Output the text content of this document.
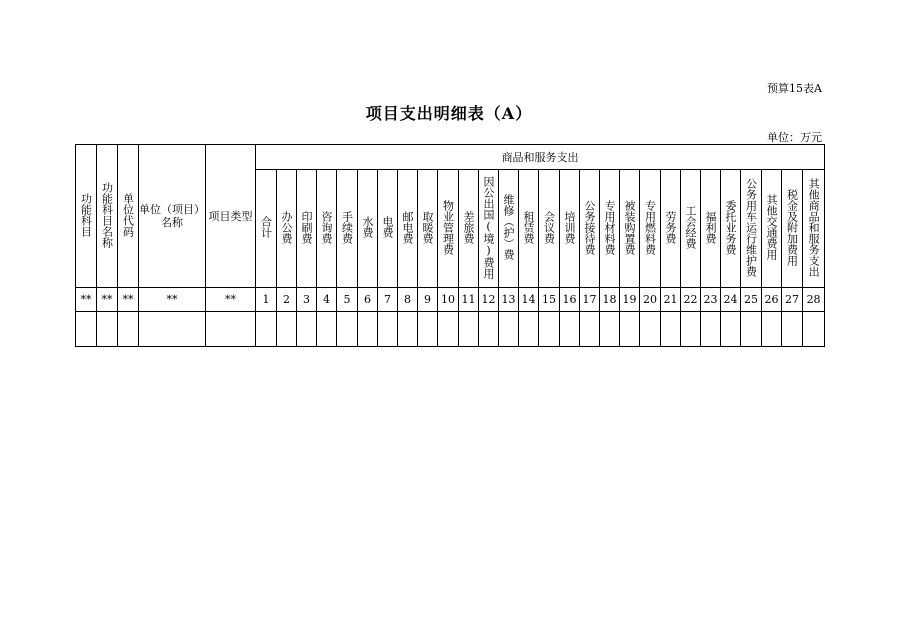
预算15表A
项目支出明细表（A）
单位：万元
功能科目	功能科目名称	单位代码	单位（项目）名称	项目类型	商品和服务支出																											

					合计	办公费	印刷费	咨询费	手续费	水费	电费	邮电费	取暖费	物业管理费	差旅费	因公出国(境)费用	维修（护）费	租赁费	会议费	培训费	公务接待费	专用材料费	被装购置费	专用燃料费	劳务费	工会经费	福利费	委托业务费	公务用车运行维护费	其他交通费用	税金及附加费用	其他商品和服务支出

**	**	**	**	**	1	2	3	4	5	6	7	8	9	10	11	12	13	14	15	16	17	18	19	20	21	22	23	24	25	26	27	28
